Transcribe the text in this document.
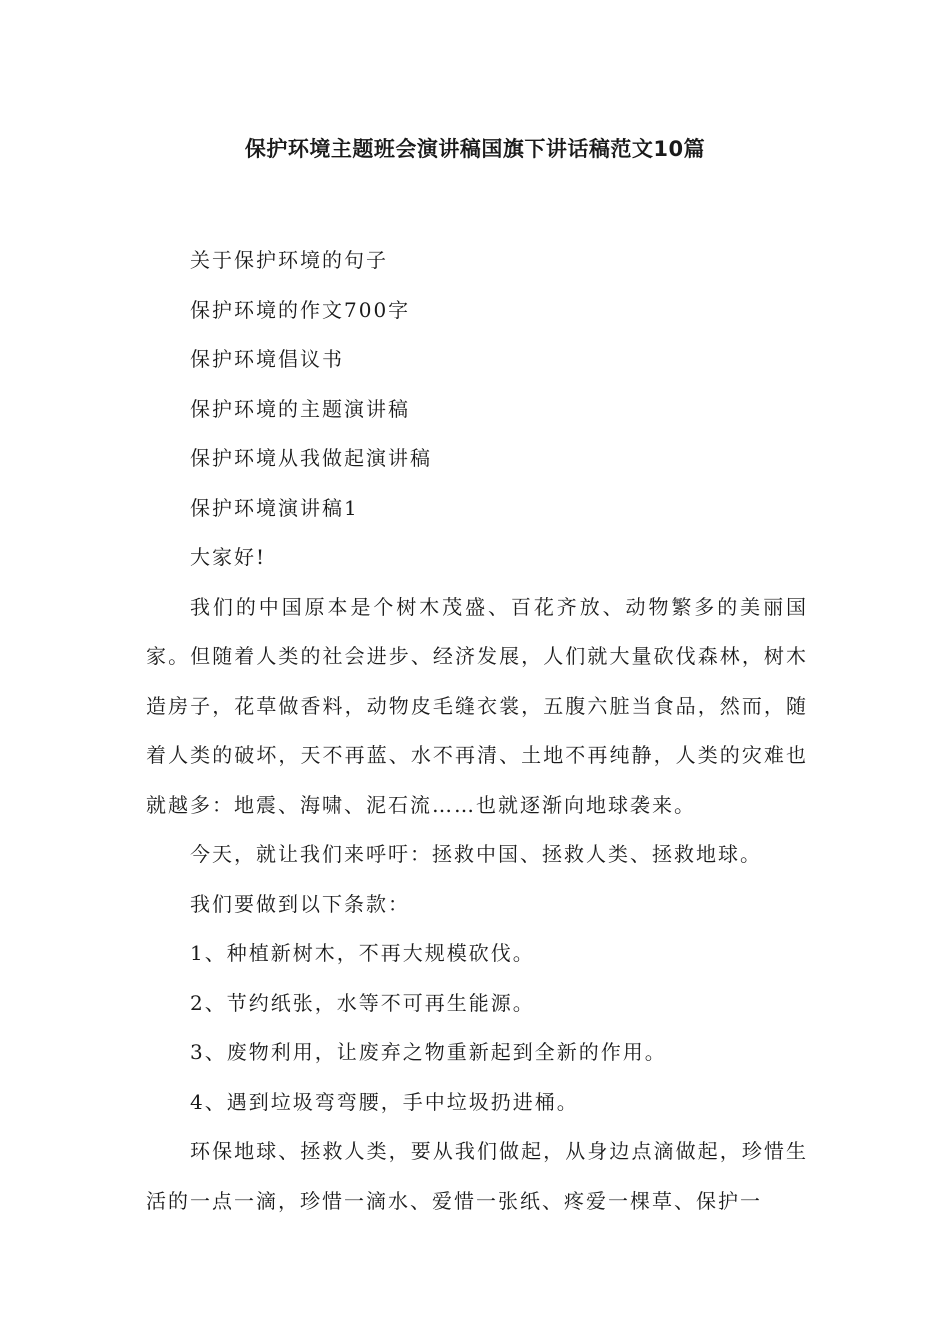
保护环境主题班会演讲稿国旗下讲话稿范文10篇

关于保护环境的句子

保护环境的作文700字

保护环境倡议书

保护环境的主题演讲稿

保护环境从我做起演讲稿

保护环境演讲稿1

大家好!

我们的中国原本是个树木茂盛、百花齐放、动物繁多的美丽国家。但随着人类的社会进步、经济发展，人们就大量砍伐森林，树木造房子，花草做香料，动物皮毛缝衣裳，五腹六脏当食品，然而，随着人类的破坏，天不再蓝、水不再清、土地不再纯静，人类的灾难也就越多：地震、海啸、泥石流……也就逐渐向地球袭来。

今天，就让我们来呼吁：拯救中国、拯救人类、拯救地球。

我们要做到以下条款：

1、种植新树木，不再大规模砍伐。

2、节约纸张，水等不可再生能源。

3、废物利用，让废弃之物重新起到全新的作用。

4、遇到垃圾弯弯腰，手中垃圾扔进桶。

环保地球、拯救人类，要从我们做起，从身边点滴做起，珍惜生活的一点一滴，珍惜一滴水、爱惜一张纸、疼爱一棵草、保护一
